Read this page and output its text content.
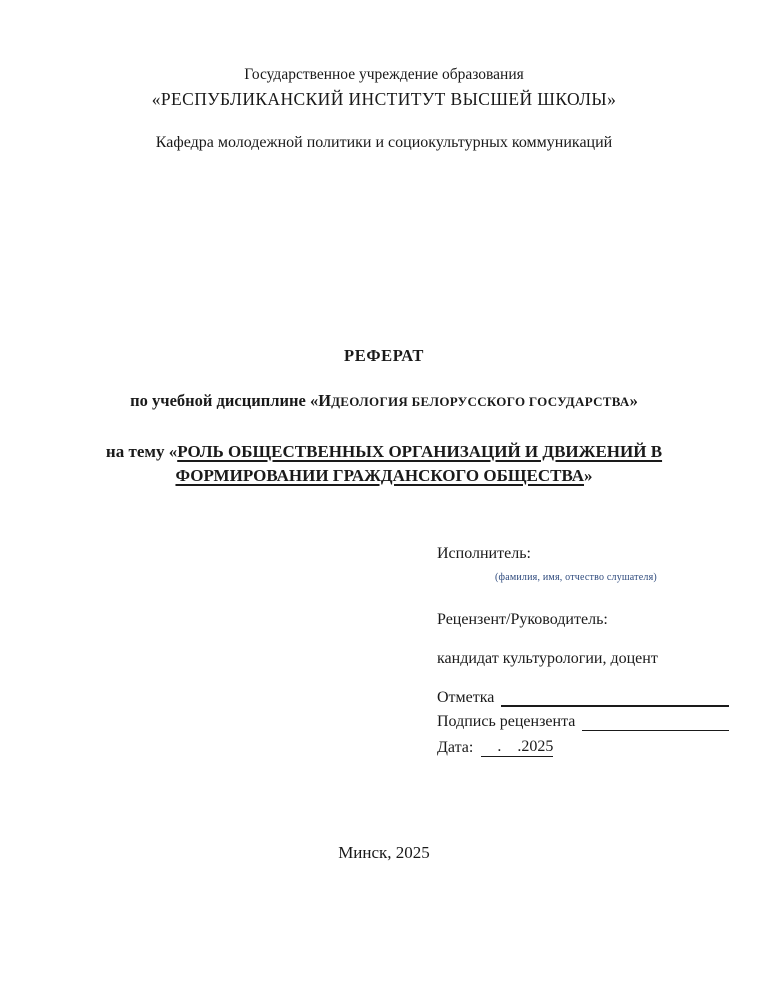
Государственное учреждение образования
«РЕСПУБЛИКАНСКИЙ ИНСТИТУТ ВЫСШЕЙ ШКОЛЫ»
Кафедра молодежной политики и социокультурных коммуникаций
РЕФЕРАТ
по учебной дисциплине «ИДЕОЛОГИЯ БЕЛОРУССКОГО ГОСУДАРСТВА»
на тему «РОЛЬ ОБЩЕСТВЕННЫХ ОРГАНИЗАЦИЙ И ДВИЖЕНИЙ В
ФОРМИРОВАНИИ ГРАЖДАНСКОГО ОБЩЕСТВА»
Исполнитель:
(фамилия, имя, отчество слушателя)
Рецензент/Руководитель:
кандидат культурологии, доцент
Отметка
Подпись рецензента
Дата: .    .2025
Минск, 2025
